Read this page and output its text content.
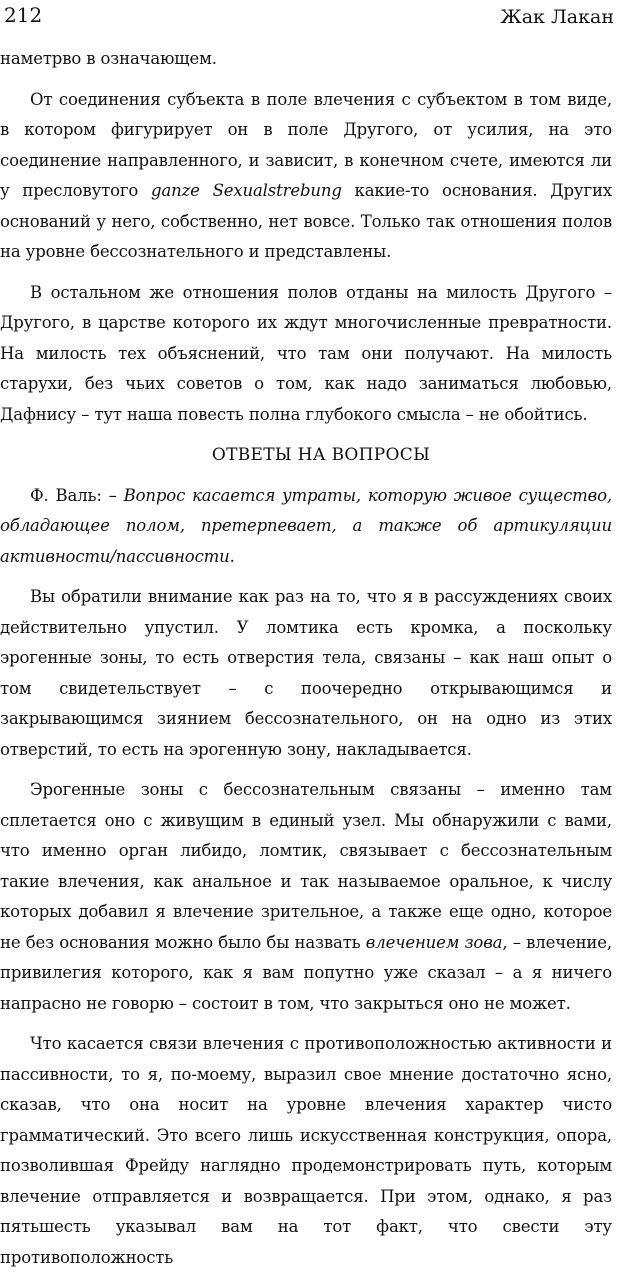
212	Жак Лакан

наметрво в означающем.

От соединения субъекта в поле влечения с субъектом в том виде, в котором фигурирует он в поле Другого, от усилия, на это соединение направленного, и зависит, в конечном счете, имеются ли у пресловутого ganze Sexualstrebung какие-то основания. Других оснований у него, собственно, нет вовсе. Только так отношения полов на уровне бессознательного и представлены.

В остальном же отношения полов отданы на милость Другого – Другого, в царстве которого их ждут многочисленные превратности. На милость тех объяснений, что там они получают. На милость старухи, без чьих советов о том, как надо заниматься любовью, Дафнису – тут наша повесть полна глубокого смысла – не обойтись.

ОТВЕТЫ НА ВОПРОСЫ

Ф. Валь: – Вопрос касается утраты, которую живое существо, обладающее полом, претерпевает, а также об артикуляции активности/пассивности.

Вы обратили внимание как раз на то, что я в рассуждениях своих действительно упустил. У ломтика есть кромка, а поскольку эрогенные зоны, то есть отверстия тела, связаны – как наш опыт о том свидетельствует – с поочередно открывающимся и закрывающимся зиянием бессознательного, он на одно из этих отверстий, то есть на эрогенную зону, накладывается.

Эрогенные зоны с бессознательным связаны – именно там сплетается оно с живущим в единый узел. Мы обнаружили с вами, что именно орган либидо, ломтик, связывает с бессознательным такие влечения, как анальное и так называемое оральное, к числу которых добавил я влечение зрительное, а также еще одно, которое не без основания можно было бы назвать влечением зова, – влечение, привилегия которого, как я вам попутно уже сказал – а я ничего напрасно не говорю – состоит в том, что закрыться оно не может.

Что касается связи влечения с противоположностью активности и пассивности, то я, по-моему, выразил свое мнение достаточно ясно, сказав, что она носит на уровне влечения характер чисто грамматический. Это всего лишь искусственная конструкция, опора, позволившая Фрейду наглядно продемонстрировать путь, которым влечение отправляется и возвращается. При этом, однако, я раз пятьшесть указывал вам на тот факт, что свести эту противоположность
